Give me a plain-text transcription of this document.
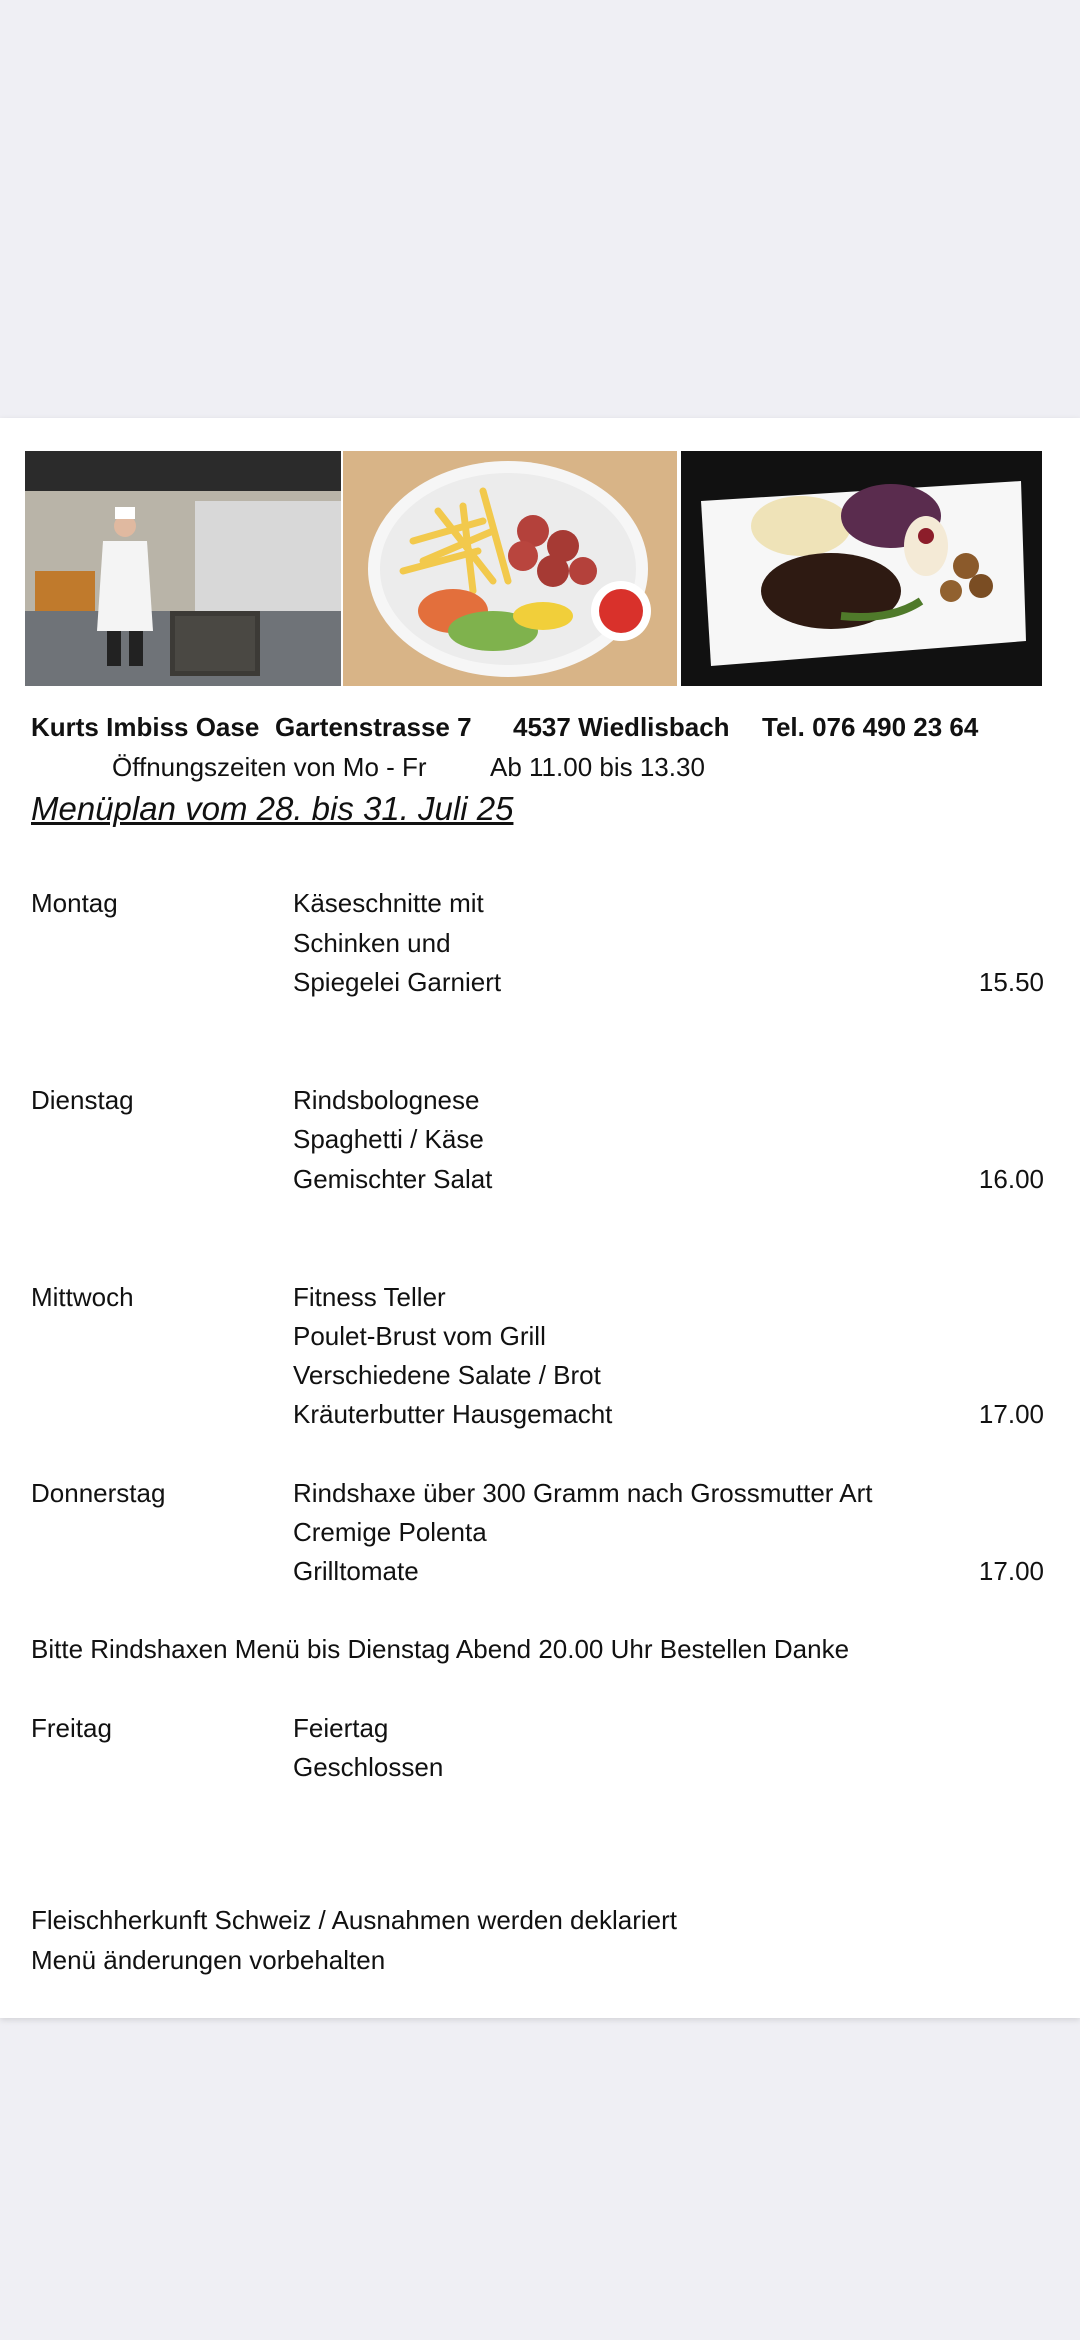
Kurts Imbiss Oase Gartenstrasse 7 4537 Wiedlisbach Tel. 076 490 23 64
Öffnungszeiten von Mo - Fr Ab 11.00 bis 13.30
Menüplan vom 28. bis 31. Juli 25
Montag	Käseschnitte mit
Schinken und
Spiegelei Garniert	15.50
Dienstag	Rindsbolognese
Spaghetti / Käse
Gemischter Salat	16.00
Mittwoch	Fitness Teller
Poulet-Brust vom Grill
Verschiedene Salate / Brot
Kräuterbutter Hausgemacht	17.00
Donnerstag	Rindshaxe über 300 Gramm nach Grossmutter Art
Cremige Polenta
Grilltomate	17.00
Bitte Rindshaxen Menü bis Dienstag Abend 20.00 Uhr Bestellen Danke
Freitag	Feiertag
Geschlossen
Fleischherkunft Schweiz / Ausnahmen werden deklariert
Menü änderungen vorbehalten
